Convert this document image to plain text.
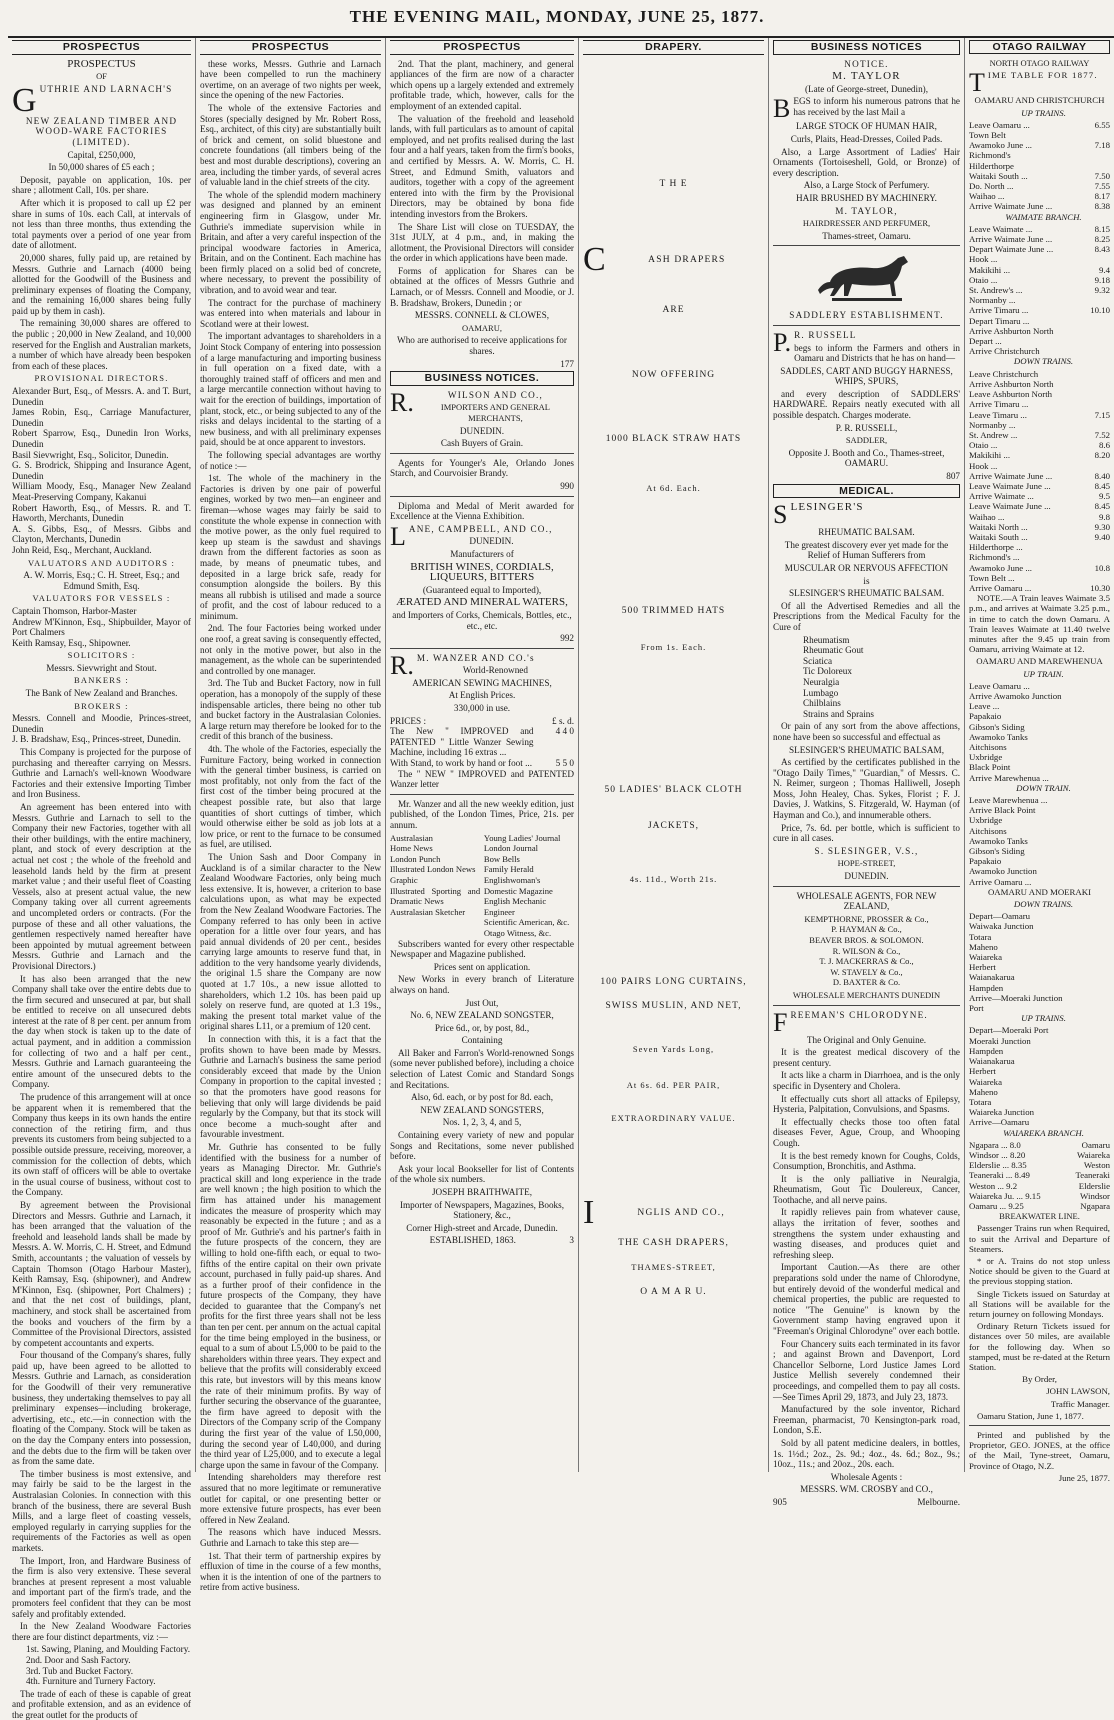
THE EVENING MAIL, MONDAY, JUNE 25, 1877.
PROSPECTUS

PROSPECTUS

OF

G UTHRIE AND LARNACH'S

NEW ZEALAND TIMBER AND WOOD-WARE FACTORIES (LIMITED).

Capital, £250,000,

In 50,000 shares of £5 each ;

Deposit, payable on application, 10s. per share ; allotment Call, 10s. per share.

After which it is proposed to call up £2 per share in sums of 10s. each Call, at intervals of not less than three months, thus extending the total payments over a period of one year from date of allotment.

20,000 shares, fully paid up, are retained by Messrs. Guthrie and Larnach (4000 being allotted for the Goodwill of the Business and preliminary expenses of floating the Company, and the remaining 16,000 shares being fully paid up by them in cash).

The remaining 30,000 shares are offered to the public ; 20,000 in New Zealand, and 10,000 reserved for the English and Australian markets, a number of which have already been bespoken from each of these places.

PROVISIONAL DIRECTORS.

Alexander Burt, Esq., of Messrs. A. and T. Burt, Dunedin
James Robin, Esq., Carriage Manufacturer, Dunedin
Robert Sparrow, Esq., Dunedin Iron Works, Dunedin
Basil Sievwright, Esq., Solicitor, Dunedin.
G. S. Brodrick, Shipping and Insurance Agent, Dunedin
William Moody, Esq., Manager New Zealand Meat-Preserving Company, Kakanui
Robert Haworth, Esq., of Messrs. R. and T. Haworth, Merchants, Dunedin
A. S. Gibbs, Esq., of Messrs. Gibbs and Clayton, Merchants, Dunedin
John Reid, Esq., Merchant, Auckland.

VALUATORS AND AUDITORS :

A. W. Morris, Esq.; C. H. Street, Esq.; and Edmund Smith, Esq.

VALUATORS FOR VESSELS :

Captain Thomson, Harbor-Master
Andrew M'Kinnon, Esq., Shipbuilder, Mayor of Port Chalmers
Keith Ramsay, Esq., Shipowner.

SOLICITORS :

Messrs. Sievwright and Stout.

BANKERS :

The Bank of New Zealand and Branches.

BROKERS :

Messrs. Connell and Moodie, Princes-street, Dunedin
J. B. Bradshaw, Esq., Princes-street, Dunedin.

This Company is projected for the purpose of purchasing and thereafter carrying on Messrs. Guthrie and Larnach's well-known Woodware Factories and their extensive Importing Timber and Iron Business.

An agreement has been entered into with Messrs. Guthrie and Larnach to sell to the Company their new Factories, together with all their other buildings, with the entire machinery, plant, and stock of every description at the actual net cost ; the whole of the freehold and leasehold lands held by the firm at present market value ; and their useful fleet of Coasting Vessels, also at present actual value, the new Company taking over all current agreements and uncompleted orders or contracts. (For the purpose of these and all other valuations, the gentlemen respectively named hereafter have been appointed by mutual agreement between Messrs. Guthrie and Larnach and the Provisional Directors.)

It has also been arranged that the new Company shall take over the entire debts due to the firm secured and unsecured at par, but shall be entitled to receive on all unsecured debts interest at the rate of 8 per cent. per annum from the day when stock is taken up to the date of actual payment, and in addition a commission for collecting of two and a half per cent., Messrs. Guthrie and Larnach guaranteeing the entire amount of the unsecured debts to the Company.

The prudence of this arrangement will at once be apparent when it is remembered that the Company thus keeps in its own hands the entire connection of the retiring firm, and thus prevents its customers from being subjected to a possible outside pressure, receiving, moreover, a commission for the collection of debts, which its own staff of officers will be able to overtake in the usual course of business, without cost to the Company.

By agreement between the Provisional Directors and Messrs. Guthrie and Larnach, it has been arranged that the valuation of the freehold and leasehold lands shall be made by Messrs. A. W. Morris, C. H. Street, and Edmund Smith, accountants ; the valuation of vessels by Captain Thomson (Otago Harbour Master), Keith Ramsay, Esq. (shipowner), and Andrew M'Kinnon, Esq. (shipowner, Port Chalmers) ; and that the net cost of buildings, plant, machinery, and stock shall be ascertained from the books and vouchers of the firm by a Committee of the Provisional Directors, assisted by competent accountants and experts.

Four thousand of the Company's shares, fully paid up, have been agreed to be allotted to Messrs. Guthrie and Larnach, as consideration for the Goodwill of their very remunerative business, they undertaking themselves to pay all preliminary expenses—including brokerage, advertising, etc., etc.—in connection with the floating of the Company. Stock will be taken as on the day the Company enters into possession, and the debts due to the firm will be taken over as from the same date.

The timber business is most extensive, and may fairly be said to be the largest in the Australasian Colonies. In connection with this branch of the business, there are several Bush Mills, and a large fleet of coasting vessels, employed regularly in carrying supplies for the requirements of the Factories as well as open markets.

The Import, Iron, and Hardware Business of the firm is also very extensive. These several branches at present represent a most valuable and important part of the firm's trade, and the promoters feel confident that they can be most safely and profitably extended.

In the New Zealand Woodware Factories there are four distinct departments, viz :—

1st. Sawing, Planing, and Moulding Factory.
2nd. Door and Sash Factory.
3rd. Tub and Bucket Factory.
4th. Furniture and Turnery Factory.

The trade of each of these is capable of great and profitable extension, and as an evidence of the great outlet for the products of

PROSPECTUS

these works, Messrs. Guthrie and Larnach have been compelled to run the machinery overtime, on an average of two nights per week, since the opening of the new Factories.

The whole of the extensive Factories and Stores (specially designed by Mr. Robert Ross, Esq., architect, of this city) are substantially built of brick and cement, on solid bluestone and concrete foundations (all timbers being of the best and most durable descriptions), covering an area, including the timber yards, of several acres of valuable land in the chief streets of the city.

The whole of the splendid modern machinery was designed and planned by an eminent engineering firm in Glasgow, under Mr. Guthrie's immediate supervision while in Britain, and after a very careful inspection of the principal woodware factories in America, Britain, and on the Continent. Each machine has been firmly placed on a solid bed of concrete, where necessary, to prevent the possibility of vibration, and to avoid wear and tear.

The contract for the purchase of machinery was entered into when materials and labour in Scotland were at their lowest.

The important advantages to shareholders in a Joint Stock Company of entering into possession of a large manufacturing and importing business in full operation on a fixed date, with a thoroughly trained staff of officers and men and a large mercantile connection without having to wait for the erection of buildings, importation of plant, stock, etc., or being subjected to any of the risks and delays incidental to the starting of a new business, and with all preliminary expenses paid, should be at once apparent to investors.

The following special advantages are worthy of notice :—

1st. The whole of the machinery in the Factories is driven by one pair of powerful engines, worked by two men—an engineer and fireman—whose wages may fairly be said to constitute the whole expense in connection with the motive power, as the only fuel required to keep up steam is the sawdust and shavings drawn from the different factories as soon as made, by means of pneumatic tubes, and deposited in a large brick safe, ready for consumption alongside the boilers. By this means all rubbish is utilised and made a source of profit, and the cost of labour reduced to a minimum.

2nd. The four Factories being worked under one roof, a great saving is consequently effected, not only in the motive power, but also in the management, as the whole can be superintended and controlled by one manager.

3rd. The Tub and Bucket Factory, now in full operation, has a monopoly of the supply of these indispensable articles, there being no other tub and bucket factory in the Australasian Colonies. A large return may therefore be looked for to the credit of this branch of the business.

4th. The whole of the Factories, especially the Furniture Factory, being worked in connection with the general timber business, is carried on most profitably, not only from the fact of the first cost of the timber being procured at the cheapest possible rate, but also that large quantities of short cuttings of timber, which would otherwise either be sold as job lots at a low price, or rent to the furnace to be consumed as fuel, are utilised.

The Union Sash and Door Company in Auckland is of a similar character to the New Zealand Woodware Factories, only being much less extensive. It is, however, a criterion to base calculations upon, as what may be expected from the New Zealand Woodware Factories. The Company referred to has only been in active operation for a little over four years, and has paid annual dividends of 20 per cent., besides carrying large amounts to reserve fund that, in addition to the very handsome yearly dividends, the original 1.5 share the Company are now quoted at 1.7 10s., a new issue allotted to shareholders, which 1.2 10s. has been paid up solely on reserve fund, are quoted at 1.3 19s., making the present total market value of the original shares L11, or a premium of 120 cent.

In connection with this, it is a fact that the profits shown to have been made by Messrs. Guthrie and Larnach's business the same period considerably exceed that made by the Union Company in proportion to the capital invested ; so that the promoters have good reasons for believing that only will large dividends be paid regularly by the Company, but that its stock will once become a much-sought after and favourable investment.

Mr. Guthrie has consented to be fully identified with the business for a number of years as Managing Director. Mr. Guthrie's practical skill and long experience in the trade are well known ; the high position to which the firm has attained under his management indicates the measure of prosperity which may reasonably be expected in the future ; and as a proof of Mr. Guthrie's and his partner's faith in the future prospects of the concern, they are willing to hold one-fifth each, or equal to two-fifths of the entire capital on their own private account, purchased in fully paid-up shares. And as a further proof of their confidence in the future prospects of the Company, they have decided to guarantee that the Company's net profits for the first three years shall not be less than ten per cent. per annum on the actual capital for the time being employed in the business, or equal to a sum of about L5,000 to be paid to the shareholders within three years. They expect and believe that the profits will considerably exceed this rate, but investors will by this means know the rate of their minimum profits. By way of further securing the observance of the guarantee, the firm have agreed to deposit with the Directors of the Company scrip of the Company during the first year of the value of L50,000, during the second year of L40,000, and during the third year of L25,000, and to execute a legal charge upon the same in favour of the Company.

Intending shareholders may therefore rest assured that no more legitimate or remunerative outlet for capital, or one presenting better or more extensive future prospects, has ever been offered in New Zealand.

The reasons which have induced Messrs. Guthrie and Larnach to take this step are—

1st. That their term of partnership expires by effluxion of time in the course of a few months, when it is the intention of one of the partners to retire from active business.

PROSPECTUS

2nd. That the plant, machinery, and general appliances of the firm are now of a character which opens up a largely extended and extremely profitable trade, which, however, calls for the employment of an extended capital.

The valuation of the freehold and leasehold lands, with full particulars as to amount of capital employed, and net profits realised during the last four and a half years, taken from the firm's books, and certified by Messrs. A. W. Morris, C. H. Street, and Edmund Smith, valuators and auditors, together with a copy of the agreement entered into with the firm by the Provisional Directors, may be obtained by bona fide intending investors from the Brokers.

The Share List will close on TUESDAY, the 31st JULY, at 4 p.m., and, in making the allotment, the Provisional Directors will consider the order in which applications have been made.

Forms of application for Shares can be obtained at the offices of Messrs Guthrie and Larnach, or of Messrs. Connell and Moodie, or J. B. Bradshaw, Brokers, Dunedin ; or

MESSRS. CONNELL & CLOWES,

OAMARU,

Who are authorised to receive applications for shares.

177

BUSINESS NOTICES.
R.	WILSON AND CO.,

IMPORTERS AND GENERAL MERCHANTS,

DUNEDIN.

Cash Buyers of Grain.

Agents for Younger's Ale, Orlando Jones Starch, and Courvoisier Brandy.

990

Diploma and Medal of Merit awarded for Excellence at the Vienna Exhibition.

L ANE, CAMPBELL, AND CO.,

DUNEDIN.

Manufacturers of

BRITISH WINES, CORDIALS, LIQUEURS, BITTERS

(Guaranteed equal to Imported),

ÆRATED AND MINERAL WATERS,

and Importers of Corks, Chemicals, Bottles, etc., etc., etc.

992

R. M. WANZER AND CO.'s

World-Renowned

AMERICAN SEWING MACHINES,

At English Prices.

330,000 in use.

PRICES :	£ s. d.
The New " IMPROVED and PATENTED " Little Wanzer Sewing Machine, including 16 extras ...
4 4 0
With Stand, to work by hand or foot ...	5 5 0

The " NEW " IMPROVED and PATENTED Wanzer letter

Mr. Wanzer and all the new weekly edition, just published, of the London Times, Price, 21s. per annum.

Australasian
Home News
London Punch
Illustrated London News
Graphic
Illustrated Sporting and Dramatic News
Australasian Sketcher
Young Ladies' Journal
London Journal
Bow Bells
Family Herald
Englishwoman's Domestic Magazine
English Mechanic
Engineer
Scientific American, &c.
Otago Witness, &c.

Subscribers wanted for every other respectable Newspaper and Magazine published.

Prices sent on application.

New Works in every branch of Literature always on hand.

Just Out,

No. 6, NEW ZEALAND SONGSTER,

Price 6d., or, by post, 8d.,

Containing

All Baker and Farron's World-renowned Songs (some never published before), including a choice selection of Latest Comic and Standard Songs and Recitations.

Also, 6d. each, or by post for 8d. each,

NEW ZEALAND SONGSTERS,

Nos. 1, 2, 3, 4, and 5,

Containing every variety of new and popular Songs and Recitations, some never published before.

Ask your local Bookseller for list of Contents of the whole six numbers.

JOSEPH BRAITHWAITE,

Importer of Newspapers, Magazines, Books, Stationery, &c.,

Corner High-street and Arcade, Dunedin.

ESTABLISHED, 1863.	3
DRAPERY.

T H E

C	ASH DRAPERS

ARE

NOW OFFERING

1000 BLACK STRAW HATS

At 6d. Each.

500 TRIMMED HATS

From 1s. Each.

50 LADIES' BLACK CLOTH

JACKETS,

4s. 11d., Worth 21s.

100 PAIRS LONG CURTAINS,

SWISS MUSLIN, AND NET,

Seven Yards Long,

At 6s. 6d. PER PAIR,

EXTRAORDINARY VALUE.

I	NGLIS AND CO.,

THE CASH DRAPERS,

THAMES-STREET,

O A M A R U.

BUSINESS NOTICES

NOTICE.

M. TAYLOR

(Late of George-street, Dunedin),

B EGS to inform his numerous patrons that he has received by the last Mail a

LARGE STOCK OF HUMAN HAIR,

Curls, Plaits, Head-Dresses, Coiled Pads.

Also, a Large Assortment of Ladies' Hair Ornaments (Tortoiseshell, Gold, or Bronze) of every description.

Also, a Large Stock of Perfumery.

HAIR BRUSHED BY MACHINERY.

M. TAYLOR,

HAIRDRESSER AND PERFUMER,

Thames-street, Oamaru.

SADDLERY ESTABLISHMENT.

P. R. RUSSELL

begs to inform the Farmers and others in Oamaru and Districts that he has on hand—

SADDLES, CART AND BUGGY HARNESS, WHIPS, SPURS,

and every description of SADDLERS' HARDWARE. Repairs neatly executed with all possible despatch. Charges moderate.

P. R. RUSSELL,

SADDLER,

Opposite J. Booth and Co., Thames-street, OAMARU.

807

MEDICAL.
S LESINGER'S

RHEUMATIC BALSAM.

The greatest discovery ever yet made for the Relief of Human Sufferers from

MUSCULAR OR NERVOUS AFFECTION

is

SLESINGER'S RHEUMATIC BALSAM.

Of all the Advertised Remedies and all the Prescriptions from the Medical Faculty for the Cure of

Rheumatism
Rheumatic Gout
Sciatica
Tic Doloreux
Neuralgia
Lumbago
Chilblains
Strains and Sprains

Or pain of any sort from the above affections, none have been so successful and effectual as

SLESINGER'S RHEUMATIC BALSAM,

As certified by the certificates published in the "Otago Daily Times," "Guardian," of Messrs. C. N. Reimer, surgeon ; Thomas Halliwell, Joseph Moss, John Healey, Chas. Sykes, Florist ; F. J. Davies, J. Watkins, S. Fitzgerald, W. Hayman (of Hayman and Co.), and innumerable others.

Price, 7s. 6d. per bottle, which is sufficient to cure in all cases.

S. SLESINGER, V.S.,

HOPE-STREET,

DUNEDIN.

WHOLESALE AGENTS, FOR NEW ZEALAND,

KEMPTHORNE, PROSSER & Co.,
P. HAYMAN & Co.,
BEAVER BROS. & SOLOMON.
R. WILSON & Co.,
T. J. MACKERRAS & Co.,
W. STAVELY & Co.,
D. BAXTER & Co.

WHOLESALE MERCHANTS DUNEDIN

F REEMAN'S CHLORODYNE.

The Original and Only Genuine.

It is the greatest medical discovery of the present century.

It acts like a charm in Diarrhoea, and is the only specific in Dysentery and Cholera.

It effectually cuts short all attacks of Epilepsy, Hysteria, Palpitation, Convulsions, and Spasms.

It effectually checks those too often fatal diseases Fever, Ague, Croup, and Whooping Cough.

It is the best remedy known for Coughs, Colds, Consumption, Bronchitis, and Asthma.

It is the only palliative in Neuralgia, Rheumatism, Gout Tic Doulereux, Cancer, Toothache, and all nerve pains.

It rapidly relieves pain from whatever cause, allays the irritation of fever, soothes and strengthens the system under exhausting and wasting diseases, and produces quiet and refreshing sleep.

Important Caution.—As there are other preparations sold under the name of Chlorodyne, but entirely devoid of the wonderful medical and chemical properties, the public are requested to notice "The Genuine" is known by the Government stamp having engraved upon it "Freeman's Original Chlorodyne" over each bottle.

Four Chancery suits each terminated in its favor ; and against Brown and Davenport, Lord Chancellor Selborne, Lord Justice James Lord Justice Mellish severely condemned their proceedings, and compelled them to pay all costs.—See Times April 29, 1873, and July 23, 1873.

Manufactured by the sole inventor, Richard Freeman, pharmacist, 70 Kensington-park road, London, S.E.

Sold by all patent medicine dealers, in bottles, 1s. 1½d.; 2oz., 2s. 9d.; 4oz., 4s. 6d.; 8oz., 9s.; 10oz., 11s.; and 20oz., 20s. each.

Wholesale Agents :

MESSRS. WM. CROSBY and CO.,

905	Melbourne.
OTAGO RAILWAY

NORTH OTAGO RAILWAY

T IME TABLE FOR 1877.

OAMARU AND CHRISTCHURCH

UP TRAINS.

Leave Oamaru ...	6.55
Town Belt
Awamoko June ...	7.18
Richmond's
Hilderthorpe
Waitaki South ...	7.50
Do. North ...	7.55
Waihao ...	8.17
Arrive Waimate June ...	8.38

WAIMATE BRANCH.

Leave Waimate ...	8.15
Arrive Waimate June ...	8.25
Depart Waimate June ...	8.43
Hook ...
Makikihi ...	9.4
Otaio ...	9.18
St. Andrew's ...	9.32
Normanby ...
Arrive Timaru ...	10.10
Depart Timaru ...
Arrive Ashburton North
Depart ...
Arrive Christchurch

DOWN TRAINS.

Leave Christchurch
Arrive Ashburton North
Leave Ashburton North
Arrive Timaru ...
Leave Timaru ...	7.15
Normanby ...
St. Andrew ...	7.52
Otaio ...	8.6
Makikihi ...	8.20
Hook ...
Arrive Waimate June ...	8.40
Leave Waimate June ...	8.45
Arrive Waimate ...	9.5
Leave Waimate June ...	8.45
Waihao ...	9.8
Waitaki North ...	9.30
Waitaki South ...	9.40
Hilderthorpe ...
Richmond's ...
Awamoko June ...	10.8
Town Belt ...
Arrive Oamaru ...	10.30

NOTE.—A Train leaves Waimate 3.5 p.m., and arrives at Waimate 3.25 p.m., in time to catch the down Oamaru. A Train leaves Waimate at 11.40 twelve minutes after the 9.45 up train from Oamaru, arriving Waimate at 12.

OAMARU AND MAREWHENUA

UP TRAIN.

Leave Oamaru ...
Arrive Awamoko Junction
Leave ...
Papakaio
Gibson's Siding
Awamoko Tanks
Aitchisons
Uxbridge
Black Point
Arrive Marewhenua ...

DOWN TRAIN.

Leave Marewhenua ...
Arrive Black Point
Uxbridge
Aitchisons
Awamoko Tanks
Gibson's Siding
Papakaio
Awamoko Junction
Arrive Oamaru ...

OAMARU AND MOERAKI

DOWN TRAINS.

Depart—Oamaru
Waiwaka Junction
Totara
Maheno
Waiareka
Herbert
Waianakarua
Hampden
Arrive—Moeraki Junction
Port

UP TRAINS.

Depart—Moeraki Port
Moeraki Junction
Hampden
Waianakarua
Herbert
Waiareka
Maheno
Totara
Waiareka Junction
Arrive—Oamaru

WAIAREKA BRANCH.

Ngapara ... 8.0	Oamaru
Windsor ... 8.20	Waiareka
Elderslie ... 8.35	Weston
Teaneraki ... 8.49	Teaneraki
Weston ... 9.2	Elderslie
Waiareka Ju. ... 9.15	Windsor
Oamaru ... 9.25	Ngapara

BREAKWATER LINE.

Passenger Trains run when Required, to suit the Arrival and Departure of Steamers.

* or A. Trains do not stop unless Notice should be given to the Guard at the previous stopping station.

Single Tickets issued on Saturday at all Stations will be available for the return journey on following Mondays.

Ordinary Return Tickets issued for distances over 50 miles, are available for the following day. When so stamped, must be re-dated at the Return Station.

By Order,

JOHN LAWSON,

Traffic Manager.

Oamaru Station, June 1, 1877.

Printed and published by the Proprietor, GEO. JONES, at the office of the Mail, Tyne-street, Oamaru, Province of Otago, N.Z.

June 25, 1877.
